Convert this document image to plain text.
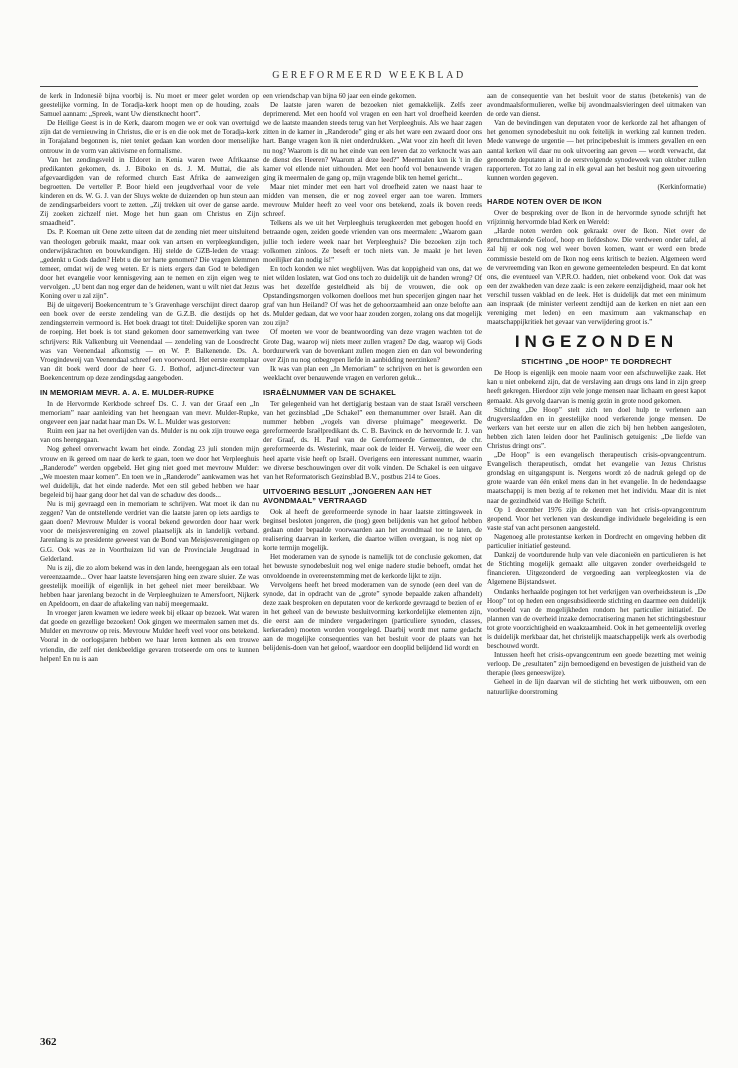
GEREFORMEERD WEEKBLAD

de kerk in Indonesië bijna voorbij is. Nu moet er meer gelet worden op geestelijke vorming. In de Toradja-kerk hoopt men op de houding, zoals Samuel aannam: „Spreek, want Uw dienstknecht hoort”.

De Heilige Geest is in de Kerk, daarom mogen we er ook van overtuigd zijn dat de vernieuwing in Christus, die er is en die ook met de Toradja-kerk in Torajaland begonnen is, niet teniet gedaan kan worden door menselijke ontrouw in de vorm van aktivisme en formalisme.

Van het zendingsveld in Eldoret in Kenia waren twee Afrikaanse predikanten gekomen, ds. J. Biboko en ds. J. M. Muttai, die als afgevaardigden van de reformed church East Afrika de aanwezigen begroetten. De verteller P. Boor hield een jeugdverhaal voor de vele kinderen en ds. W. G. J. van der Sluys wekte de duizenden op hun steun aan de zendingsarbeiders voort te zetten. „Zij trekken uit over de ganse aarde. Zij zoeken zichzelf niet. Moge het hun gaan om Christus en Zijn smaadheid”.

Ds. P. Koeman uit Oene zette uiteen dat de zending niet meer uitsluitend van theologen gebruik maakt, maar ook van artsen en verpleegkundigen, onderwijskrachten en bouwkundigen. Hij stelde de GZB-leden de vraag: „gedenkt u Gods daden? Hebt u die ter harte genomen? Die vragen klemmen temeer, omdat wij de weg weten. Er is niets ergers dan God te beledigen door het evangelie voor kennisgeving aan te nemen en zijn eigen weg te vervolgen. „U bent dan nog erger dan de heidenen, want u wilt niet dat Jezus Koning over u zal zijn”.

Bij de uitgeverij Boekencentrum te 's Gravenhage verschijnt direct daarop een boek over de eerste zendeling van de G.Z.B. die destijds op het zendingsterrein vermoord is. Het boek draagt tot titel: Duidelijke sporen van de roeping. Het boek is tot stand gekomen door samenwerking van twee schrijvers: Rik Valkenburg uit Veenendaal — zendeling van de Loosdrecht was van Veenendaal afkomstig — en W. P. Balkenende. Ds. A. Vroegindeweij van Veenendaal schreef een voorwoord. Het eerste exemplaar van dit boek werd door de heer G. J. Bothof, adjunct-directeur van Boekencentrum op deze zendingsdag aangeboden.

IN MEMORIAM MEVR. A. A. E. MULDER-RUPKE

In de Hervormde Kerkbode schreef Ds. C. J. van der Graaf een „In memoriam” naar aanleiding van het heengaan van mevr. Mulder-Rupke, ongeveer een jaar nadat haar man Ds. W. L. Mulder was gestorven:

Ruim een jaar na het overlijden van ds. Mulder is nu ook zijn trouwe eega van ons heengegaan.

Nog geheel onverwacht kwam het einde. Zondag 23 juli stonden mijn vrouw en ik gereed om naar de kerk te gaan, toen we door het Verpleeghuis „Randerode” werden opgebeld. Het ging niet goed met mevrouw Mulder: „We moesten maar komen”. En toen we in „Randerode” aankwamen was het wel duidelijk, dat het einde naderde. Met een stil gebed hebben we haar begeleid bij haar gang door het dal van de schaduw des doods...

Nu is mij gevraagd een in memoriam te schrijven. Wat moet ik dan nu zeggen? Van de ontstellende verdriet van die laatste jaren op iets aardigs te gaan doen? Mevrouw Mulder is vooral bekend geworden door haar werk voor de meisjesvereniging en zowel plaatselijk als in landelijk verband. Jarenlang is ze presidente geweest van de Bond van Meisjesverenigingen op G.G. Ook was ze in Voorthuizen lid van de Provinciale Jeugdraad in Gelderland.

Nu is zij, die zo alom bekend was in den lande, heengegaan als een totaal vereenzaamde... Over haar laatste levensjaren hing een zware sluier. Ze was geestelijk moeilijk of eigenlijk in het geheel niet meer bereikbaar. We hebben haar jarenlang bezocht in de Verpleeghuizen te Amersfoort, Nijkerk en Apeldoorn, en daar de aftakeling van nabij meegemaakt.

In vroeger jaren kwamen we iedere week bij elkaar op bezoek. Wat waren dat goede en gezellige bezoeken! Ook gingen we meermalen samen met ds. Mulder en mevrouw op reis. Mevrouw Mulder heeft veel voor ons betekend. Vooral in de oorlogsjaren hebben we haar leren kennen als een trouwe vriendin, die zelf niet denkbeeldige gevaren trotseerde om ons te kunnen helpen! En nu is aan

een vriendschap van bijna 60 jaar een einde gekomen.

De laatste jaren waren de bezoeken niet gemakkelijk. Zelfs zeer deprimerend. Met een hoofd vol vragen en een hart vol droefheid keerden we de laatste maanden steeds terug van het Verpleeghuis. Als we haar zagen zitten in de kamer in „Randerode” ging er als het ware een zwaard door ons hart. Bange vragen kon ik niet onderdrukken. „Wat voor zin heeft dit leven nu nog? Waarom is dit nu het einde van een leven dat zo verknocht was aan de dienst des Heeren? Waarom al deze leed?” Meermalen kon ik 't in die kamer vol ellende niet uithouden. Met een hoofd vol benauwende vragen ging ik meermalen de gang op, mijn vragende blik ten hemel gericht...

Maar niet minder met een hart vol droefheid zaten we naast haar te midden van mensen, die er nog zoveel erger aan toe waren. Immers mevrouw Mulder heeft zo veel voor ons betekend, zoals ik boven reeds schreef.

Telkens als we uit het Verpleeghuis terugkeerden met gebogen hoofd en betraande ogen, zeiden goede vrienden van ons meermalen: „Waarom gaan jullie toch iedere week naar het Verpleeghuis? Die bezoeken zijn toch volkomen zinloos. Ze beseft er toch niets van. Je maakt je het leven moeilijker dan nodig is!”

En toch konden we niet wegblijven. Was dat koppigheid van ons, dat we niet wilden loslaten, wat God ons toch zo duidelijk uit de handen wrong? Of was het dezelfde gesteldheid als bij de vrouwen, die ook op Opstandingsmorgen volkomen doelloos met hun specerijen gingen naar het graf van hun Heiland? Of was het de gehoorzaamheid aan onze belofte aan ds. Mulder gedaan, dat we voor haar zouden zorgen, zolang ons dat mogelijk zou zijn?

Of moeten we voor de beantwoording van deze vragen wachten tot de Grote Dag, waarop wij niets meer zullen vragen? De dag, waarop wij Gods borduurwerk van de bovenkant zullen mogen zien en dan vol bewondering over Zijn nu nog onbegrepen liefde in aanbidding neerzinken?

Ik was van plan een „In Memoriam” te schrijven en het is geworden een weeklacht over benauwende vragen en verloren geluk...

ISRAËLNUMMER VAN DE SCHAKEL

Ter gelegenheid van het dertigjarig bestaan van de staat Israël verscheen van het gezinsblad „De Schakel” een themanummer over Israël. Aan dit nummer hebben „vogels van diverse pluimage” meegewerkt. De gereformeerde Israëlpredikant ds. C. B. Bavinck en de hervormde Ir. J. van der Graaf, ds. H. Paul van de Gereformeerde Gemeenten, de chr. gereformeerde ds. Westerink, maar ook de leider H. Verweij, die weer een heel aparte visie heeft op Israël. Overigens een interessant nummer, waarin we diverse beschouwingen over dit volk vinden. De Schakel is een uitgave van het Reformatorisch Gezinsblad B.V., postbus 214 te Goes.

UITVOERING BESLUIT „JONGEREN AAN HET AVONDMAAL” VERTRAAGD

Ook al heeft de gereformeerde synode in haar laatste zittingsweek in beginsel besloten jongeren, die (nog) geen belijdenis van het geloof hebben gedaan onder bepaalde voorwaarden aan het avondmaal toe te laten, de realisering daarvan in kerken, die daartoe willen overgaan, is nog niet op korte termijn mogelijk.

Het moderamen van de synode is namelijk tot de conclusie gekomen, dat het bewuste synodebesluit nog wel enige nadere studie behoeft, omdat het onvoldoende in overeenstemming met de kerkorde lijkt te zijn.

Vervolgens heeft het breed moderamen van de synode (een deel van de synode, dat in opdracht van de „grote” synode bepaalde zaken afhandelt) deze zaak besproken en deputaten voor de kerkorde gevraagd te bezien of er in het geheel van de bewuste besluitvorming kerkordelijke elementen zijn, die eerst aan de mindere vergaderingen (particuliere synoden, classes, kerkeraden) moeten worden voorgelegd. Daarbij wordt met name gedacht aan de mogelijke consequenties van het besluit voor de plaats van het belijdenis-doen van het geloof, waardoor een dooplid belijdend lid wordt en

aan de consequentie van het besluit voor de status (betekenis) van de avondmaalsformulieren, welke bij avondmaalsvieringen deel uitmaken van de orde van dienst.

Van de bevindingen van deputaten voor de kerkorde zal het afhangen of het genomen synodebesluit nu ook feitelijk in werking zal kunnen treden. Mede vanwege de urgentie — het principebesluit is immers gevallen en een aantal kerken wil daar nu ook uitvoering aan geven — wordt verwacht, dat genoemde deputaten al in de eerstvolgende synodeweek van oktober zullen rapporteren. Tot zo lang zal in elk geval aan het besluit nog geen uitvoering kunnen worden gegeven.

(Kerkinformatie)

HARDE NOTEN OVER DE IKON

Over de bespreking over de Ikon in de hervormde synode schrijft het vrijzinnig hervormde blad Kerk en Wereld:

„Harde noten werden ook gekraakt over de Ikon. Niet over de geruchtmakende Geloof, hoop en liefdeshow. Die verdween onder tafel, al zal hij er ook nog wel weer boven komen, want er werd een brede commissie besteld om de Ikon nog eens kritisch te bezien. Algemeen werd de vervreemding van Ikon en gewone gemeenteleden bespeurd. En dat komt ons, die eventueel van V.P.R.O. hadden, niet onbekend voor. Ook dat was een der zwakheden van deze zaak: is een zekere eenzijdigheid, maar ook het verschil tussen vakblad en de leek. Het is duidelijk dat met een minimum aan inspraak (de minister verleent zendtijd aan de kerken en niet aan een vereniging met leden) en een maximum aan vakmanschap en maatschappijkritiek het gevaar van verwijdering groot is.”

INGEZONDEN
STICHTING „DE HOOP” TE DORDRECHT

De Hoop is eigenlijk een mooie naam voor een afschuwelijke zaak. Het kan u niet onbekend zijn, dat de verslaving aan drugs ons land in zijn greep heeft gekregen. Hierdoor zijn vele jonge mensen naar lichaam en geest kapot gemaakt. Als gevolg daarvan is menig gezin in grote nood gekomen.

Stichting „De Hoop” stelt zich ten doel hulp te verlenen aan drugverslaafden en in geestelijke nood verkerende jonge mensen. De werkers van het eerste uur en allen die zich bij hen hebben aangesloten, hebben zich laten leiden door het Paulinisch getuigenis: „De liefde van Christus dringt ons”.

„De Hoop” is een evangelisch therapeutisch crisis-opvangcentrum. Evangelisch therapeutisch, omdat het evangelie van Jezus Christus grondslag en uitgangspunt is. Nergens wordt zó de nadruk gelegd op de grote waarde van één enkel mens dan in het evangelie. In de hedendaagse maatschappij is men bezig af te rekenen met het individu. Maar dit is niet naar de gezindheid van de Heilige Schrift.

Op 1 december 1976 zijn de deuren van het crisis-opvangcentrum geopend. Voor het verlenen van deskundige individuele begeleiding is een vaste staf van acht personen aangesteld.

Nagenoeg alle protestantse kerken in Dordrecht en omgeving hebben dit particulier initiatief gesteund.

Dankzij de voortdurende hulp van vele diaconieën en particulieren is het de Stichting mogelijk gemaakt alle uitgaven zonder overheidsgeld te financieren. Uitgezonderd de vergoeding aan verpleegkosten via de Algemene Bijstandswet.

Ondanks herhaalde pogingen tot het verkrijgen van overheidssteun is „De Hoop” tot op heden een ongesubsidieerde stichting en daarmee een duidelijk voorbeeld van de mogelijkheden rondom het particulier initiatief. De plannen van de overheid inzake democratisering manen het stichtingsbestuur tot grote voorzichtigheid en waakzaamheid. Ook in het gemeentelijk overleg is duidelijk merkbaar dat, het christelijk maatschappelijk werk als overbodig beschouwd wordt.

Intussen heeft het crisis-opvangcentrum een goede bezetting met weinig verloop. De „resultaten” zijn bemoedigend en bevestigen de juistheid van de therapie (lees geneeswijze).

Geheel in de lijn daarvan wil de stichting het werk uitbouwen, om een natuurlijke doorstroming

362
